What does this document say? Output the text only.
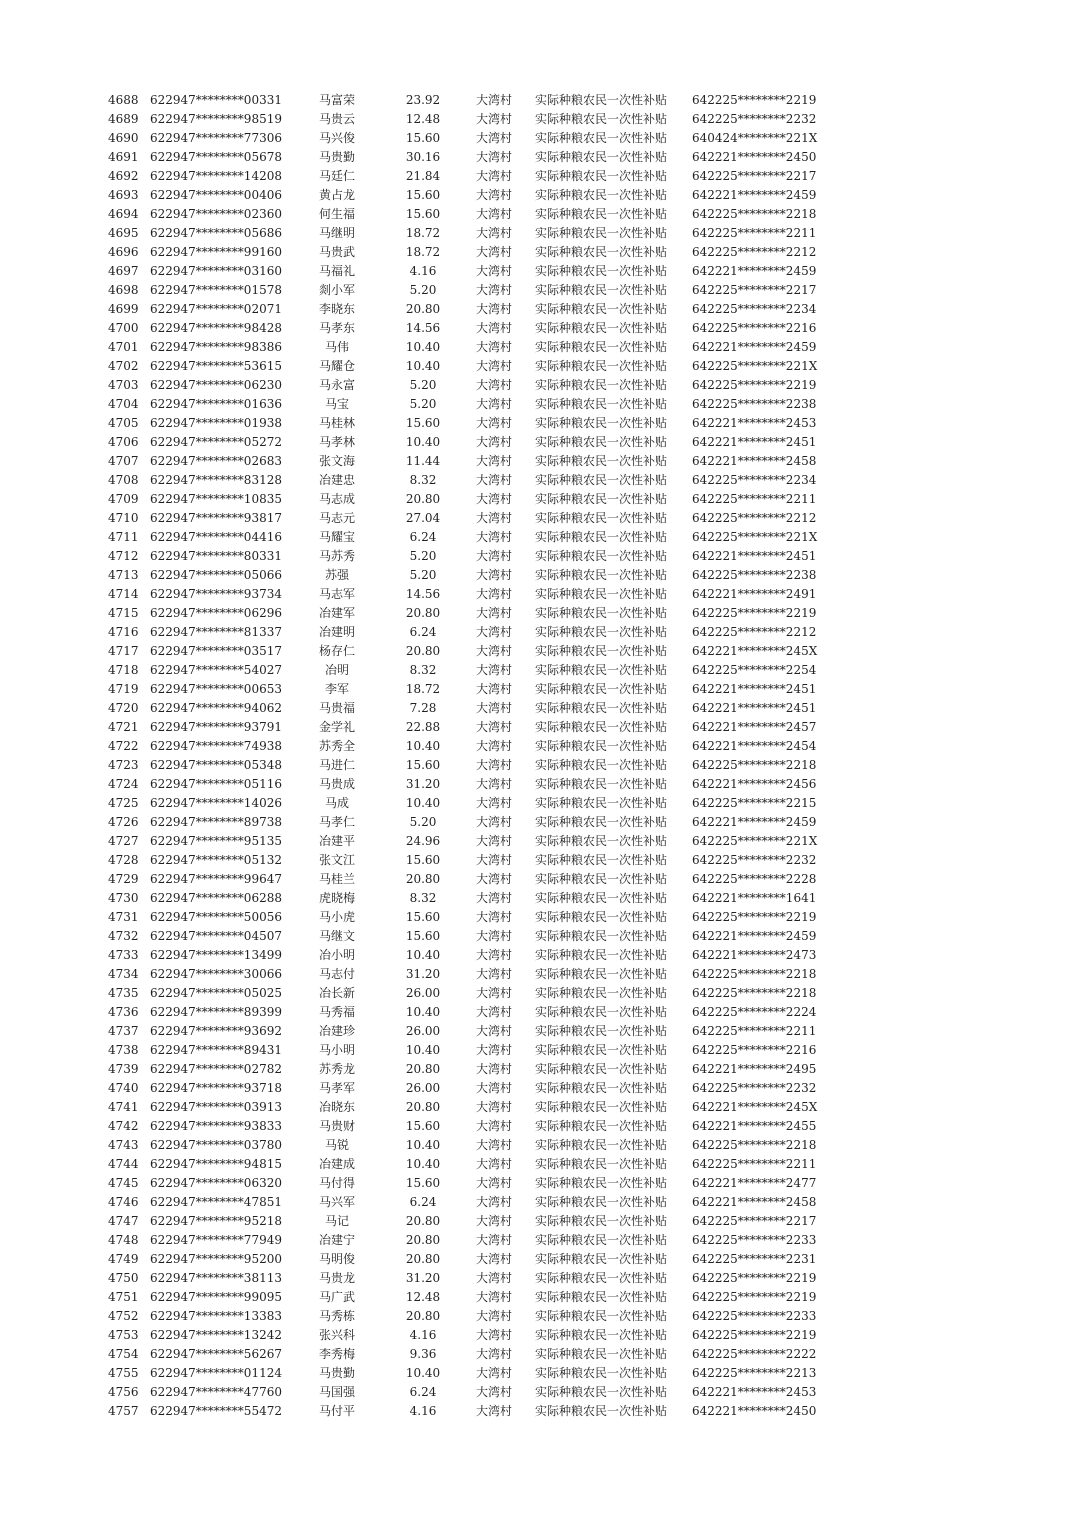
4688 622947********00331	马富荣	23.92	大湾村 实际种粮农民一次性补贴 642225********2219
4689 622947********98519	马贵云	12.48	大湾村 实际种粮农民一次性补贴 642225********2232
4690 622947********77306	马兴俊	15.60	大湾村 实际种粮农民一次性补贴 640424********221X
4691 622947********05678	马贵勤	30.16	大湾村 实际种粮农民一次性补贴 642221********2450
4692 622947********14208	马廷仁	21.84	大湾村 实际种粮农民一次性补贴 642225********2217
4693 622947********00406	黄占龙	15.60	大湾村 实际种粮农民一次性补贴 642221********2459
4694 622947********02360	何生福	15.60	大湾村 实际种粮农民一次性补贴 642225********2218
4695 622947********05686	马继明	18.72	大湾村 实际种粮农民一次性补贴 642225********2211
4696 622947********99160	马贵武	18.72	大湾村 实际种粮农民一次性补贴 642225********2212
4697 622947********03160	马福礼	4.16	大湾村 实际种粮农民一次性补贴 642221********2459
4698 622947********01578	剡小军	5.20	大湾村 实际种粮农民一次性补贴 642225********2217
4699 622947********02071	李晓东	20.80	大湾村 实际种粮农民一次性补贴 642225********2234
4700 622947********98428	马孝东	14.56	大湾村 实际种粮农民一次性补贴 642225********2216
4701 622947********98386	马伟	10.40	大湾村 实际种粮农民一次性补贴 642221********2459
4702 622947********53615	马耀仓	10.40	大湾村 实际种粮农民一次性补贴 642225********221X
4703 622947********06230	马永富	5.20	大湾村 实际种粮农民一次性补贴 642225********2219
4704 622947********01636	马宝	5.20	大湾村 实际种粮农民一次性补贴 642225********2238
4705 622947********01938	马桂林	15.60	大湾村 实际种粮农民一次性补贴 642221********2453
4706 622947********05272	马孝林	10.40	大湾村 实际种粮农民一次性补贴 642221********2451
4707 622947********02683	张文海	11.44	大湾村 实际种粮农民一次性补贴 642221********2458
4708 622947********83128	冶建忠	8.32	大湾村 实际种粮农民一次性补贴 642225********2234
4709 622947********10835	马志成	20.80	大湾村 实际种粮农民一次性补贴 642225********2211
4710 622947********93817	马志元	27.04	大湾村 实际种粮农民一次性补贴 642225********2212
4711 622947********04416	马耀宝	6.24	大湾村 实际种粮农民一次性补贴 642225********221X
4712 622947********80331	马苏秀	5.20	大湾村 实际种粮农民一次性补贴 642221********2451
4713 622947********05066	苏强	5.20	大湾村 实际种粮农民一次性补贴 642225********2238
4714 622947********93734	马志军	14.56	大湾村 实际种粮农民一次性补贴 642221********2491
4715 622947********06296	冶建军	20.80	大湾村 实际种粮农民一次性补贴 642225********2219
4716 622947********81337	冶建明	6.24	大湾村 实际种粮农民一次性补贴 642225********2212
4717 622947********03517	杨存仁	20.80	大湾村 实际种粮农民一次性补贴 642221********245X
4718 622947********54027	冶明	8.32	大湾村 实际种粮农民一次性补贴 642225********2254
4719 622947********00653	李军	18.72	大湾村 实际种粮农民一次性补贴 642221********2451
4720 622947********94062	马贵福	7.28	大湾村 实际种粮农民一次性补贴 642221********2451
4721 622947********93791	金学礼	22.88	大湾村 实际种粮农民一次性补贴 642221********2457
4722 622947********74938	苏秀全	10.40	大湾村 实际种粮农民一次性补贴 642221********2454
4723 622947********05348	马进仁	15.60	大湾村 实际种粮农民一次性补贴 642225********2218
4724 622947********05116	马贵成	31.20	大湾村 实际种粮农民一次性补贴 642221********2456
4725 622947********14026	马成	10.40	大湾村 实际种粮农民一次性补贴 642225********2215
4726 622947********89738	马孝仁	5.20	大湾村 实际种粮农民一次性补贴 642221********2459
4727 622947********95135	冶建平	24.96	大湾村 实际种粮农民一次性补贴 642225********221X
4728 622947********05132	张文江	15.60	大湾村 实际种粮农民一次性补贴 642225********2232
4729 622947********99647	马桂兰	20.80	大湾村 实际种粮农民一次性补贴 642225********2228
4730 622947********06288	虎晓梅	8.32	大湾村 实际种粮农民一次性补贴 642221********1641
4731 622947********50056	马小虎	15.60	大湾村 实际种粮农民一次性补贴 642225********2219
4732 622947********04507	马继文	15.60	大湾村 实际种粮农民一次性补贴 642221********2459
4733 622947********13499	冶小明	10.40	大湾村 实际种粮农民一次性补贴 642221********2473
4734 622947********30066	马志付	31.20	大湾村 实际种粮农民一次性补贴 642225********2218
4735 622947********05025	冶长新	26.00	大湾村 实际种粮农民一次性补贴 642225********2218
4736 622947********89399	马秀福	10.40	大湾村 实际种粮农民一次性补贴 642225********2224
4737 622947********93692	冶建珍	26.00	大湾村 实际种粮农民一次性补贴 642225********2211
4738 622947********89431	马小明	10.40	大湾村 实际种粮农民一次性补贴 642225********2216
4739 622947********02782	苏秀龙	20.80	大湾村 实际种粮农民一次性补贴 642221********2495
4740 622947********93718	马孝军	26.00	大湾村 实际种粮农民一次性补贴 642225********2232
4741 622947********03913	冶晓东	20.80	大湾村 实际种粮农民一次性补贴 642221********245X
4742 622947********93833	马贵财	15.60	大湾村 实际种粮农民一次性补贴 642221********2455
4743 622947********03780	马锐	10.40	大湾村 实际种粮农民一次性补贴 642225********2218
4744 622947********94815	冶建成	10.40	大湾村 实际种粮农民一次性补贴 642225********2211
4745 622947********06320	马付得	15.60	大湾村 实际种粮农民一次性补贴 642221********2477
4746 622947********47851	马兴军	6.24	大湾村 实际种粮农民一次性补贴 642221********2458
4747 622947********95218	马记	20.80	大湾村 实际种粮农民一次性补贴 642225********2217
4748 622947********77949	冶建宁	20.80	大湾村 实际种粮农民一次性补贴 642225********2233
4749 622947********95200	马明俊	20.80	大湾村 实际种粮农民一次性补贴 642225********2231
4750 622947********38113	马贵龙	31.20	大湾村 实际种粮农民一次性补贴 642225********2219
4751 622947********99095	马广武	12.48	大湾村 实际种粮农民一次性补贴 642225********2219
4752 622947********13383	马秀栋	20.80	大湾村 实际种粮农民一次性补贴 642225********2233
4753 622947********13242	张兴科	4.16	大湾村 实际种粮农民一次性补贴 642225********2219
4754 622947********56267	李秀梅	9.36	大湾村 实际种粮农民一次性补贴 642225********2222
4755 622947********01124	马贵勤	10.40	大湾村 实际种粮农民一次性补贴 642225********2213
4756 622947********47760	马国强	6.24	大湾村 实际种粮农民一次性补贴 642221********2453
4757 622947********55472	马付平	4.16	大湾村 实际种粮农民一次性补贴 642221********2450
